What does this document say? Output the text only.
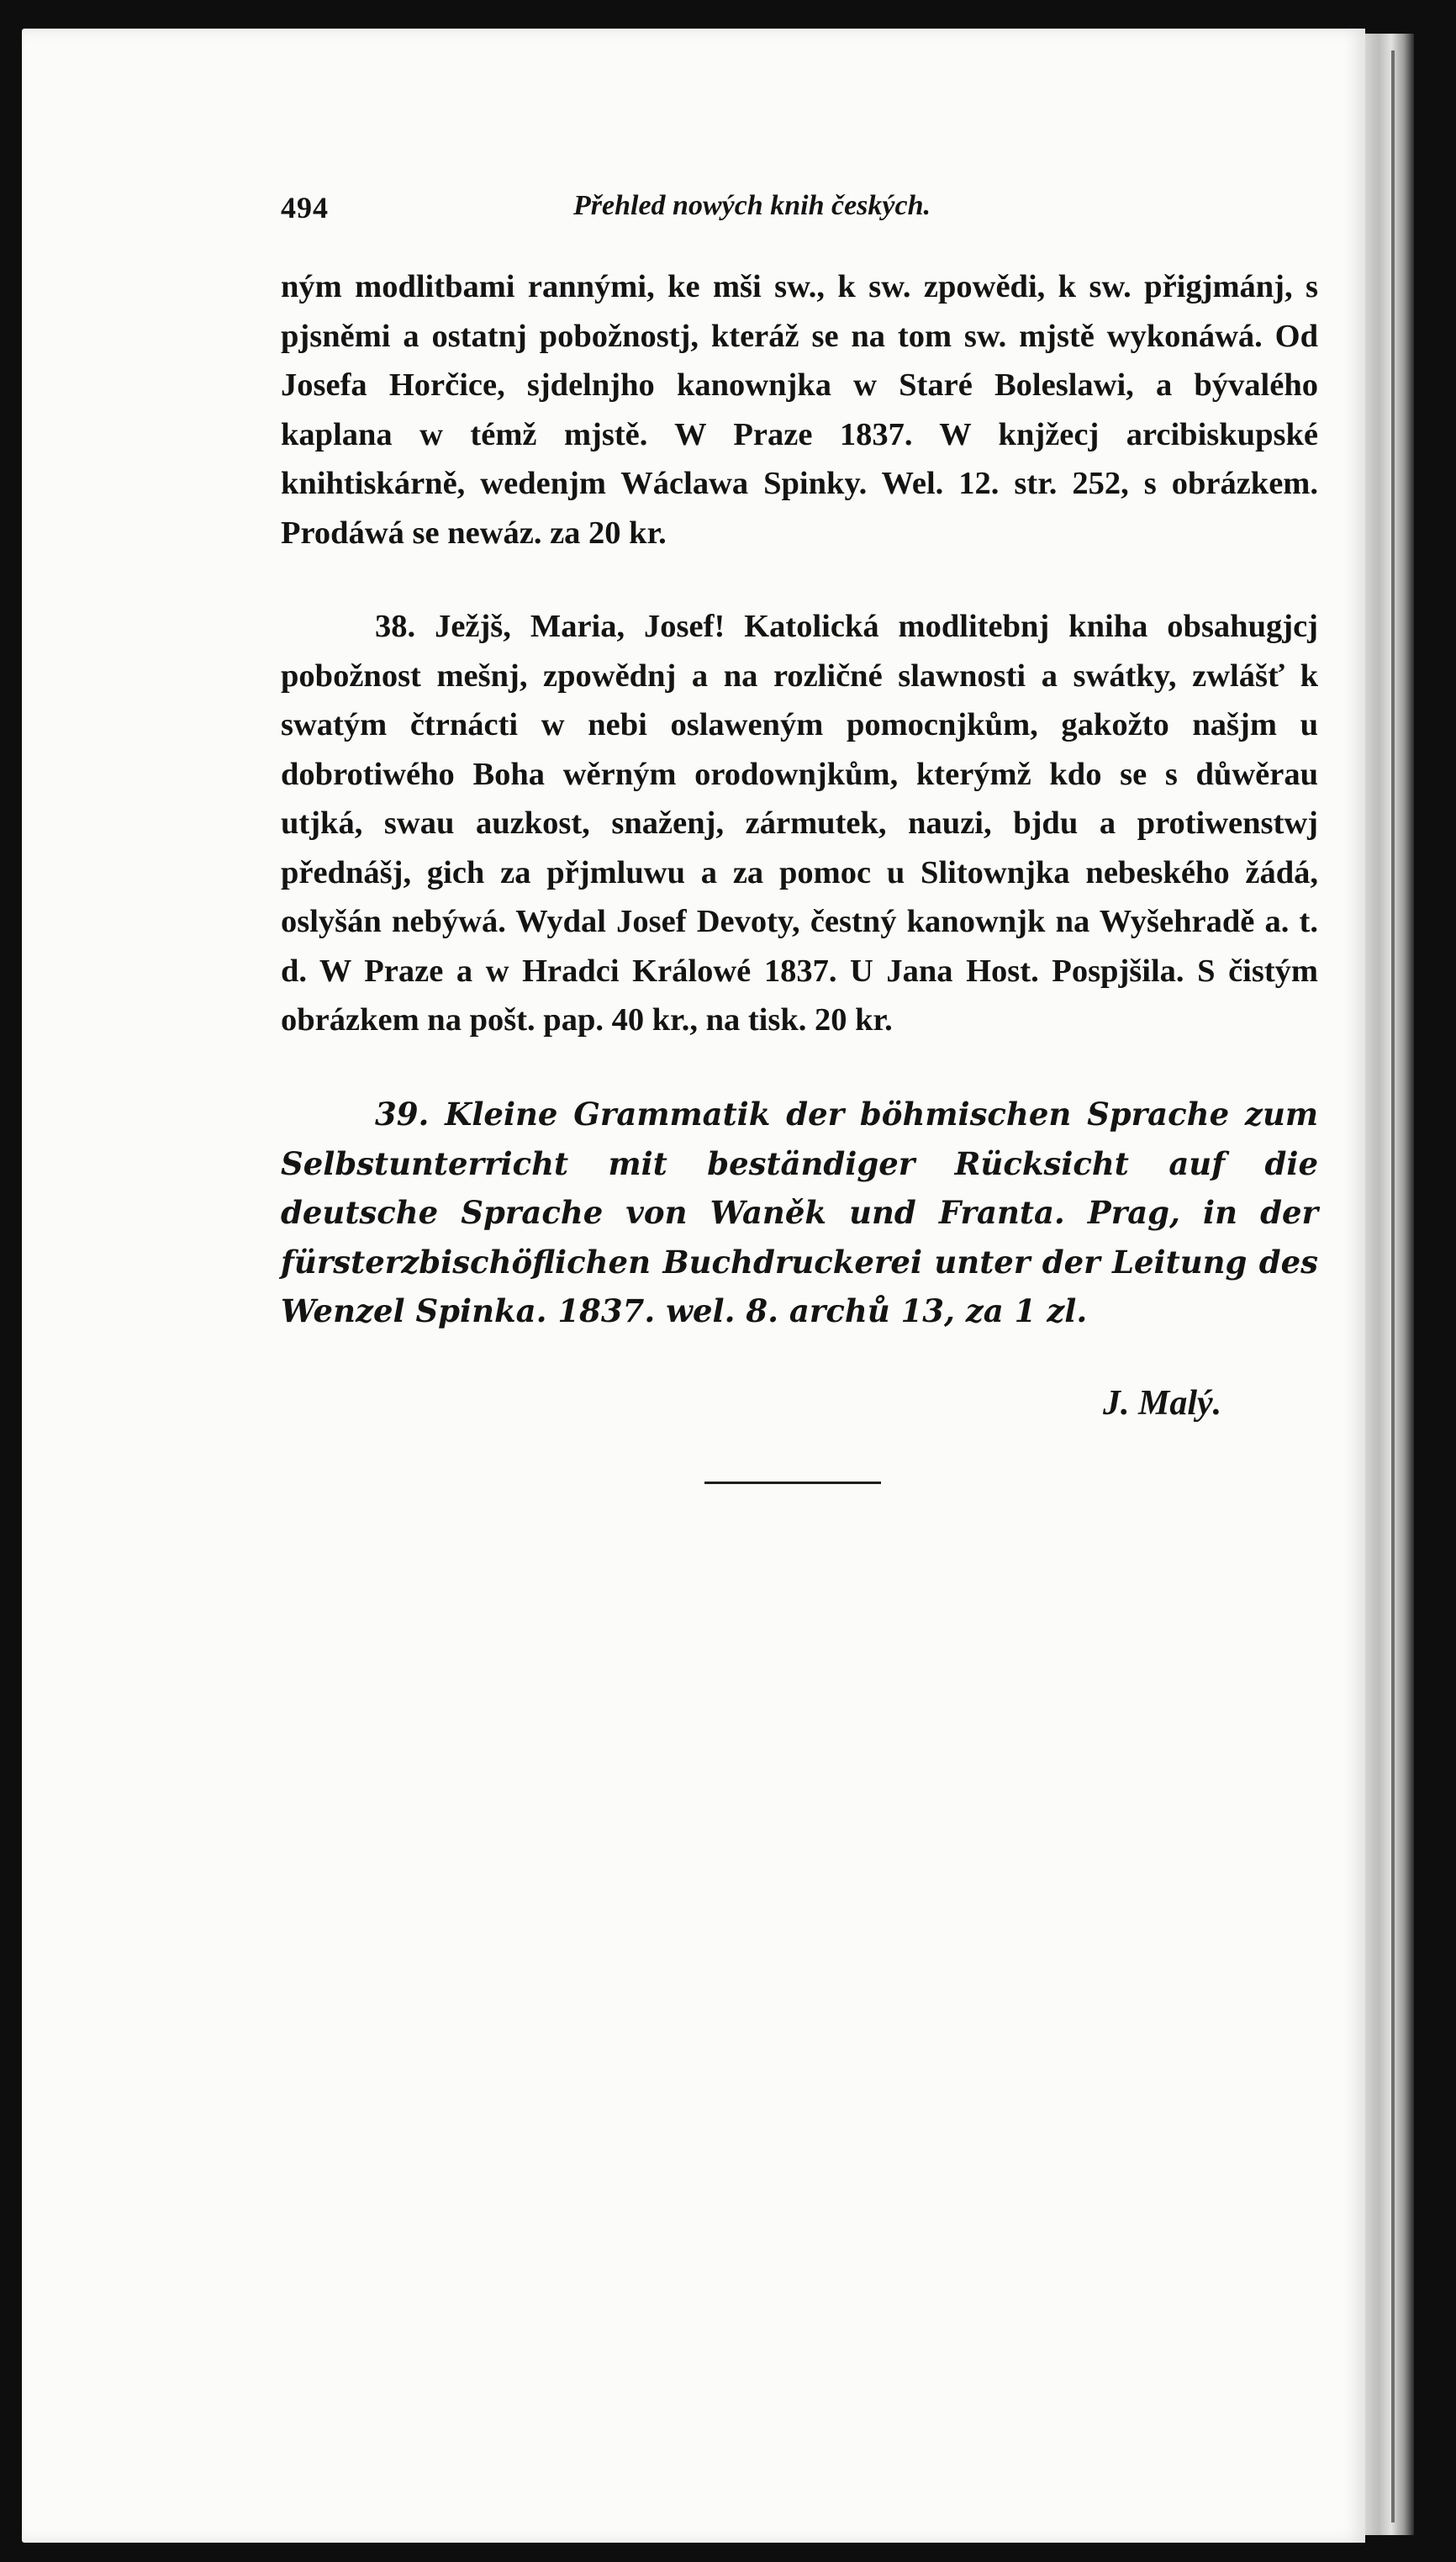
494	Přehled nowých knih českých.

ným modlitbami rannými, ke mši sw., k sw. zpowědi, k sw. přigjmánj, s pjsněmi a ostatnj pobožnostj, kteráž se na tom sw. mjstě wykonáwá. Od Josefa Horčice, sjdelnjho kanownjka w Staré Boleslawi, a bývalého kaplana w témž mjstě. W Praze 1837. W knjžecj arcibiskupské knihtiskárně, wedenjm Wáclawa Spinky. Wel. 12. str. 252, s obrázkem. Prodáwá se newáz. za 20 kr.

38. Ježjš, Maria, Josef! Katolická modlitebnj kniha obsahugjcj pobožnost mešnj, zpowědnj a na rozličné slawnosti a swátky, zwlášť k swatým čtrnácti w nebi oslaweným pomocnjkům, gakožto našjm u dobrotiwého Boha wěrným orodownjkům, kterýmž kdo se s důwěrau utjká, swau auzkost, snaženj, zármutek, nauzi, bjdu a protiwenstwj přednášj, gich za přjmluwu a za pomoc u Slitownjka nebeského žádá, oslyšán nebýwá. Wydal Josef Devoty, čestný kanownjk na Wyšehradě a. t. d. W Praze a w Hradci Králowé 1837. U Jana Host. Pospjšila. S čistým obrázkem na pošt. pap. 40 kr., na tisk. 20 kr.

39. Kleine Grammatik der böhmischen Sprache zum Selbstunterricht mit beständiger Rücksicht auf die deutsche Sprache von Waněk und Franta. Prag, in der fürsterzbischöflichen Buchdruckerei unter der Leitung des Wenzel Spinka. 1837. wel. 8. archů 13, za 1 zl.

J. Malý.
